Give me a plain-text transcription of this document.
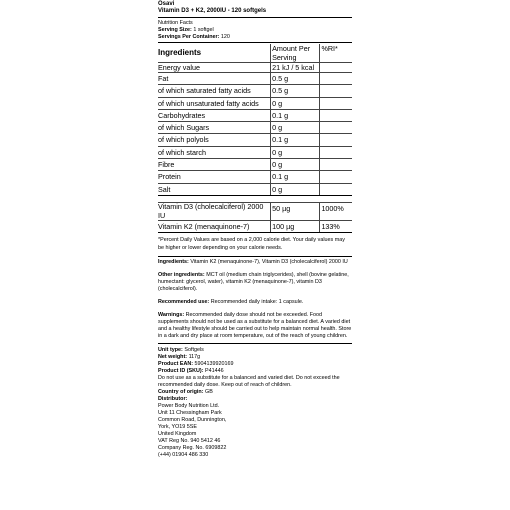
Osavi
Vitamin D3 + K2, 2000IU - 120 softgels
Nutrition Facts
Serving Size: 1 softgel
Servings Per Container: 120
Ingredients	Amount Per Serving	%RI*
Energy value	21 kJ / 5 kcal	
Fat	0.5 g	
of which saturated fatty acids	0.5 g	
of which unsaturated fatty acids	0 g	
Carbohydrates	0.1 g	
of which Sugars	0 g	
of which polyols	0.1 g	
of which starch	0 g	
Fibre	0 g	
Protein	0.1 g	
Salt	0 g	

Vitamin D3 (cholecalciferol) 2000 IU	50 µg	1000%
Vitamin K2 (menaquinone-7)	100 µg	133%
*Percent Daily Values are based on a 2,000 calorie diet. Your daily values may be higher or lower depending on your calorie needs.
Ingredients: Vitamin K2 (menaquinone-7), Vitamin D3 (cholecalciferol) 2000 IU
Other ingredients: MCT oil (medium chain triglycerides), shell (bovine gelatine, humectant: glycerol, water), vitamin K2 (menaquinone-7), vitamin D3 (cholecalciferol).
Recommended use: Recommended daily intake: 1 capsule.
Warnings: Recommended daily dose should not be exceeded. Food supplements should not be used as a substitute for a balanced diet. A varied diet and a healthy lifestyle should be carried out to help maintain normal health. Store in a dark and dry place at room temperature, out of the reach of young children.
Unit type: Softgels
Net weight: 117g
Product EAN: 5904139920169
Product ID (SKU): P41446
Do not use as a substitute for a balanced and varied diet. Do not exceed the recommended daily dose. Keep out of reach of children.
Country of origin: GB
Distributor:
Power Body Nutrition Ltd.
Unit 11 Chessingham Park
Common Road, Dunnington,
York, YO19 5SE
United Kingdom
VAT Reg No. 940 5412 46
Company Reg. No. 6909822
(+44) 01904 486 330
